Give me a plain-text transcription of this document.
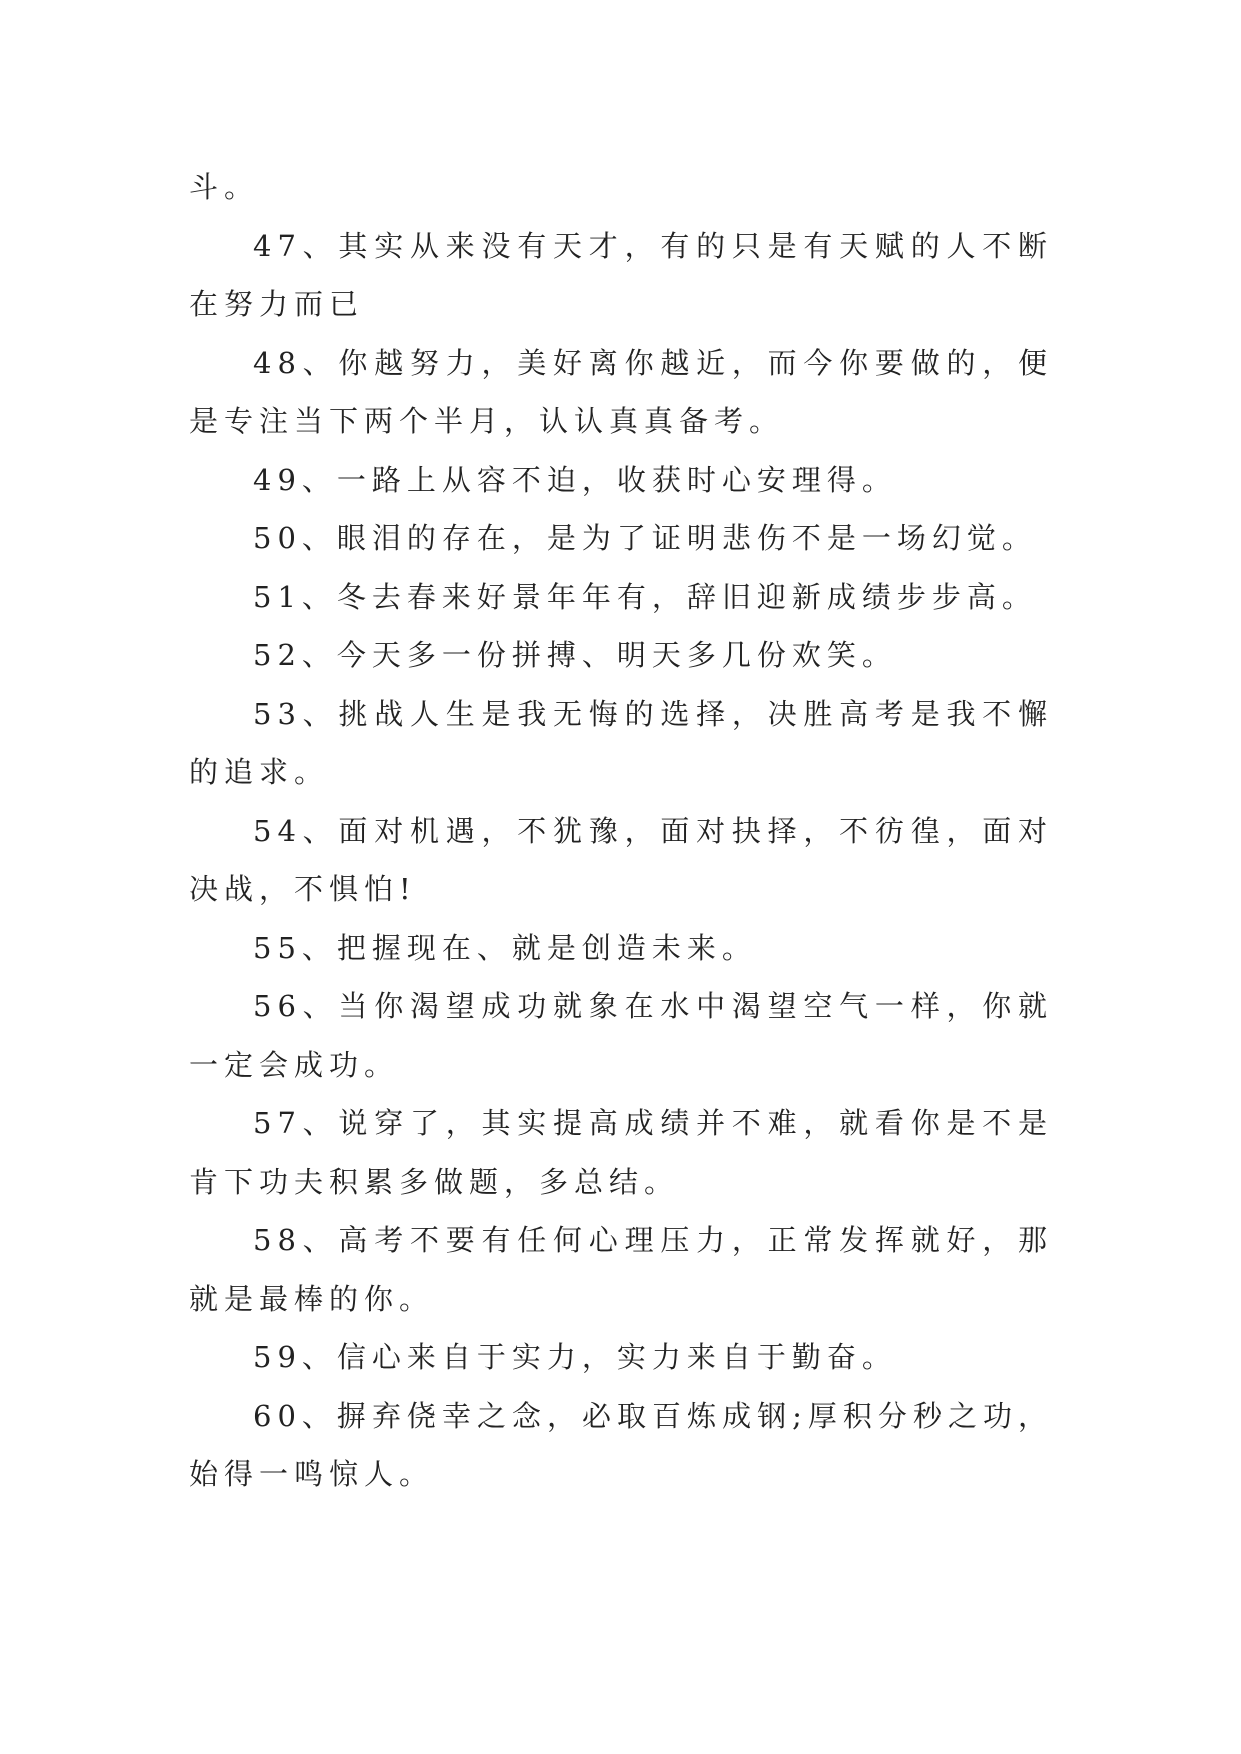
斗。

47、其实从来没有天才，有的只是有天赋的人不断在努力而已

48、你越努力，美好离你越近，而今你要做的，便是专注当下两个半月，认认真真备考。

49、一路上从容不迫，收获时心安理得。

50、眼泪的存在，是为了证明悲伤不是一场幻觉。

51、冬去春来好景年年有，辞旧迎新成绩步步高。

52、今天多一份拼搏、明天多几份欢笑。

53、挑战人生是我无悔的选择，决胜高考是我不懈的追求。

54、面对机遇，不犹豫，面对抉择，不彷徨，面对决战，不惧怕!

55、把握现在、就是创造未来。

56、当你渴望成功就象在水中渴望空气一样，你就一定会成功。

57、说穿了，其实提高成绩并不难，就看你是不是肯下功夫积累多做题，多总结。

58、高考不要有任何心理压力，正常发挥就好，那就是最棒的你。

59、信心来自于实力，实力来自于勤奋。

60、摒弃侥幸之念，必取百炼成钢;厚积分秒之功，始得一鸣惊人。
